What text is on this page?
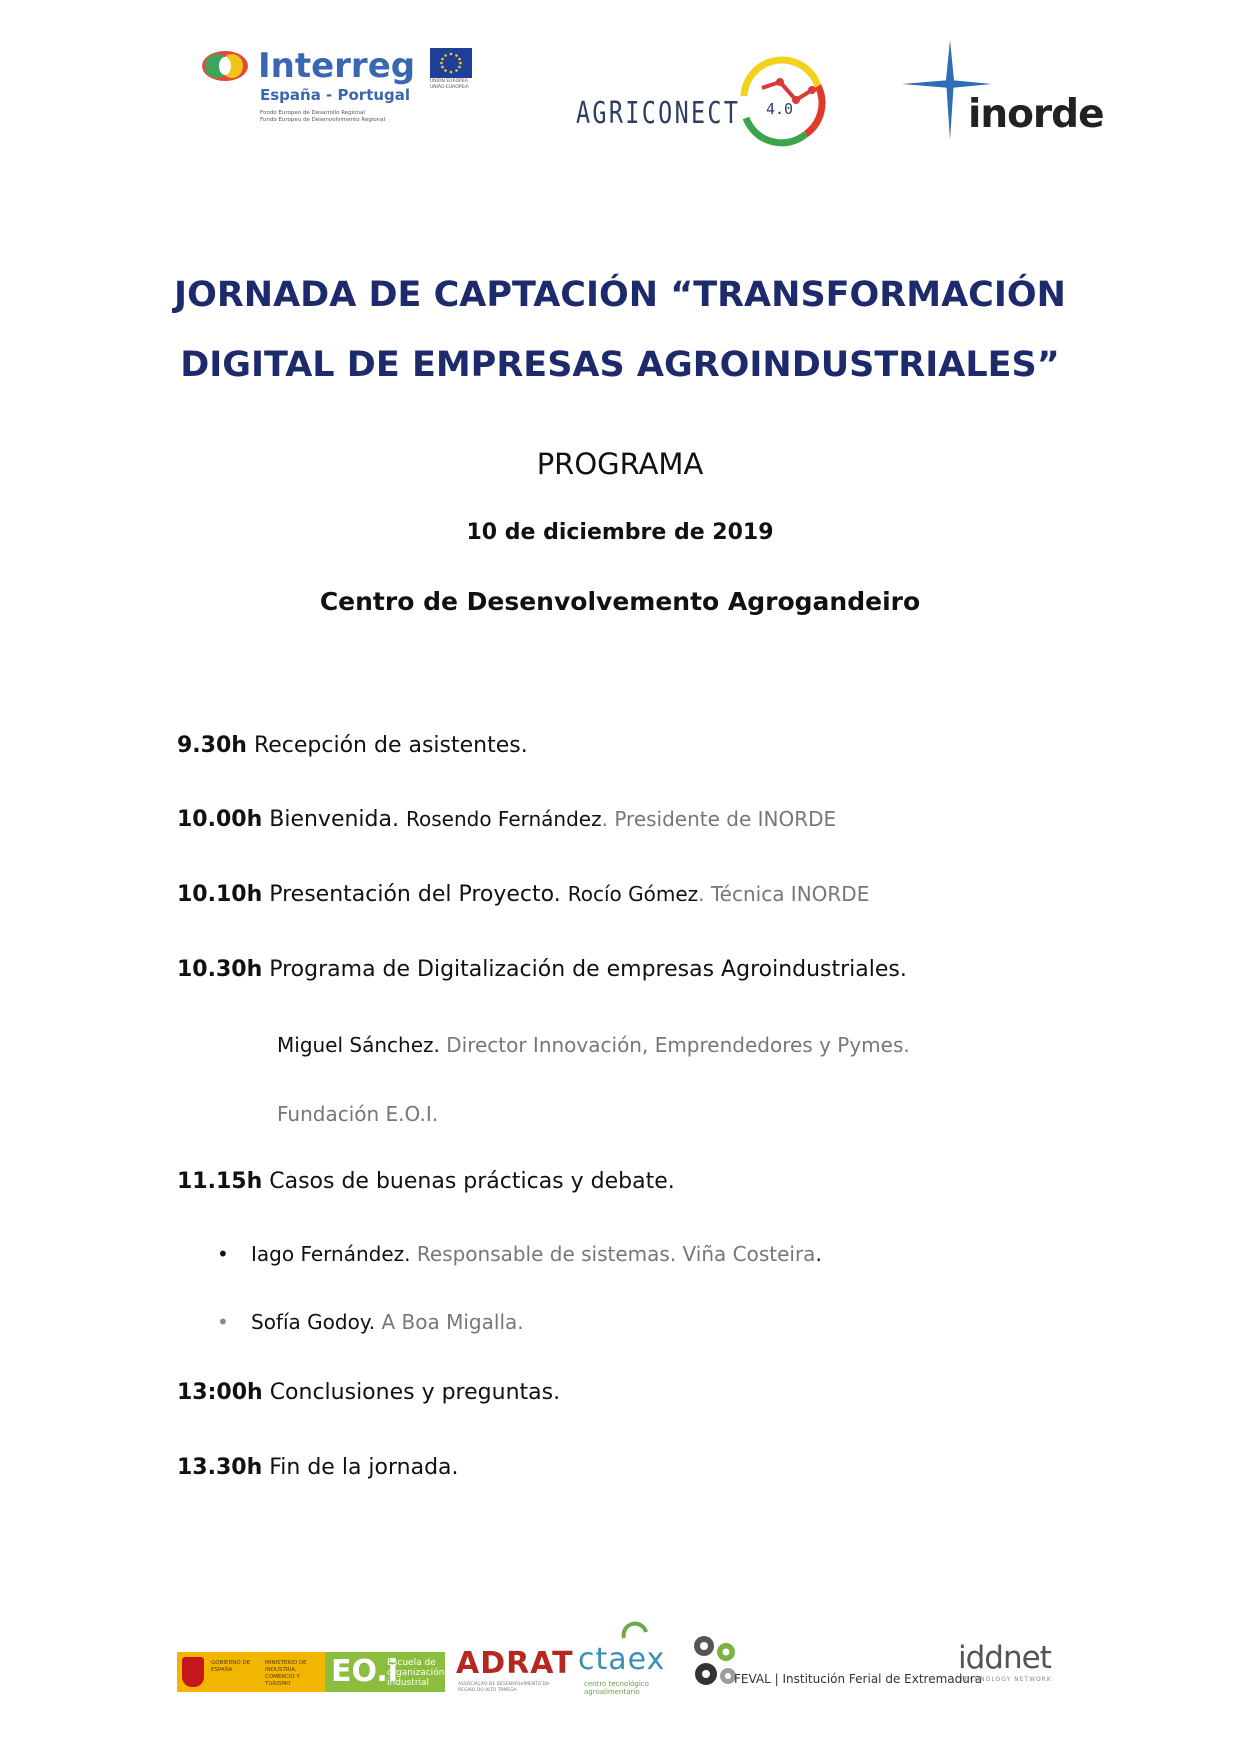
Interreg
España - Portugal
Fondo Europeo de Desarrollo Regional
Fundo Europeu de Desenvolvimento Regional
UNIÓN EUROPEA
UNIÃO EUROPEIA
AGRICONECT 4.0	inorde
JORNADA DE CAPTACIÓN “TRANSFORMACIÓN
DIGITAL DE EMPRESAS AGROINDUSTRIALES”
PROGRAMA
10 de diciembre de 2019
Centro de Desenvolvemento Agrogandeiro
9.30h Recepción de asistentes.
10.00h Bienvenida. Rosendo Fernández. Presidente de INORDE
10.10h Presentación del Proyecto. Rocío Gómez. Técnica INORDE
10.30h Programa de Digitalización de empresas Agroindustriales.
Miguel Sánchez. Director Innovación, Emprendedores y Pymes.
Fundación E.O.I.
11.15h Casos de buenas prácticas y debate.
• Iago Fernández. Responsable de sistemas. Viña Costeira.
• Sofía Godoy. A Boa Migalla.
13:00h Conclusiones y preguntas.
13.30h Fin de la jornada.
GOBIERNO DE ESPAÑA
MINISTERIO DE INDUSTRIA, COMERCIO Y TURISMO	EO.i
Escuela de organización industrial
ADRAT
ASSOCIAÇÃO DE DESENVOLVIMENTO DA REGIÃO DO ALTO TÂMEGA
ctaex
centro tecnológico agroalimentario
FEVAL | Institución Ferial de Extremadura
iddnet
TECHNOLOGY NETWORK
